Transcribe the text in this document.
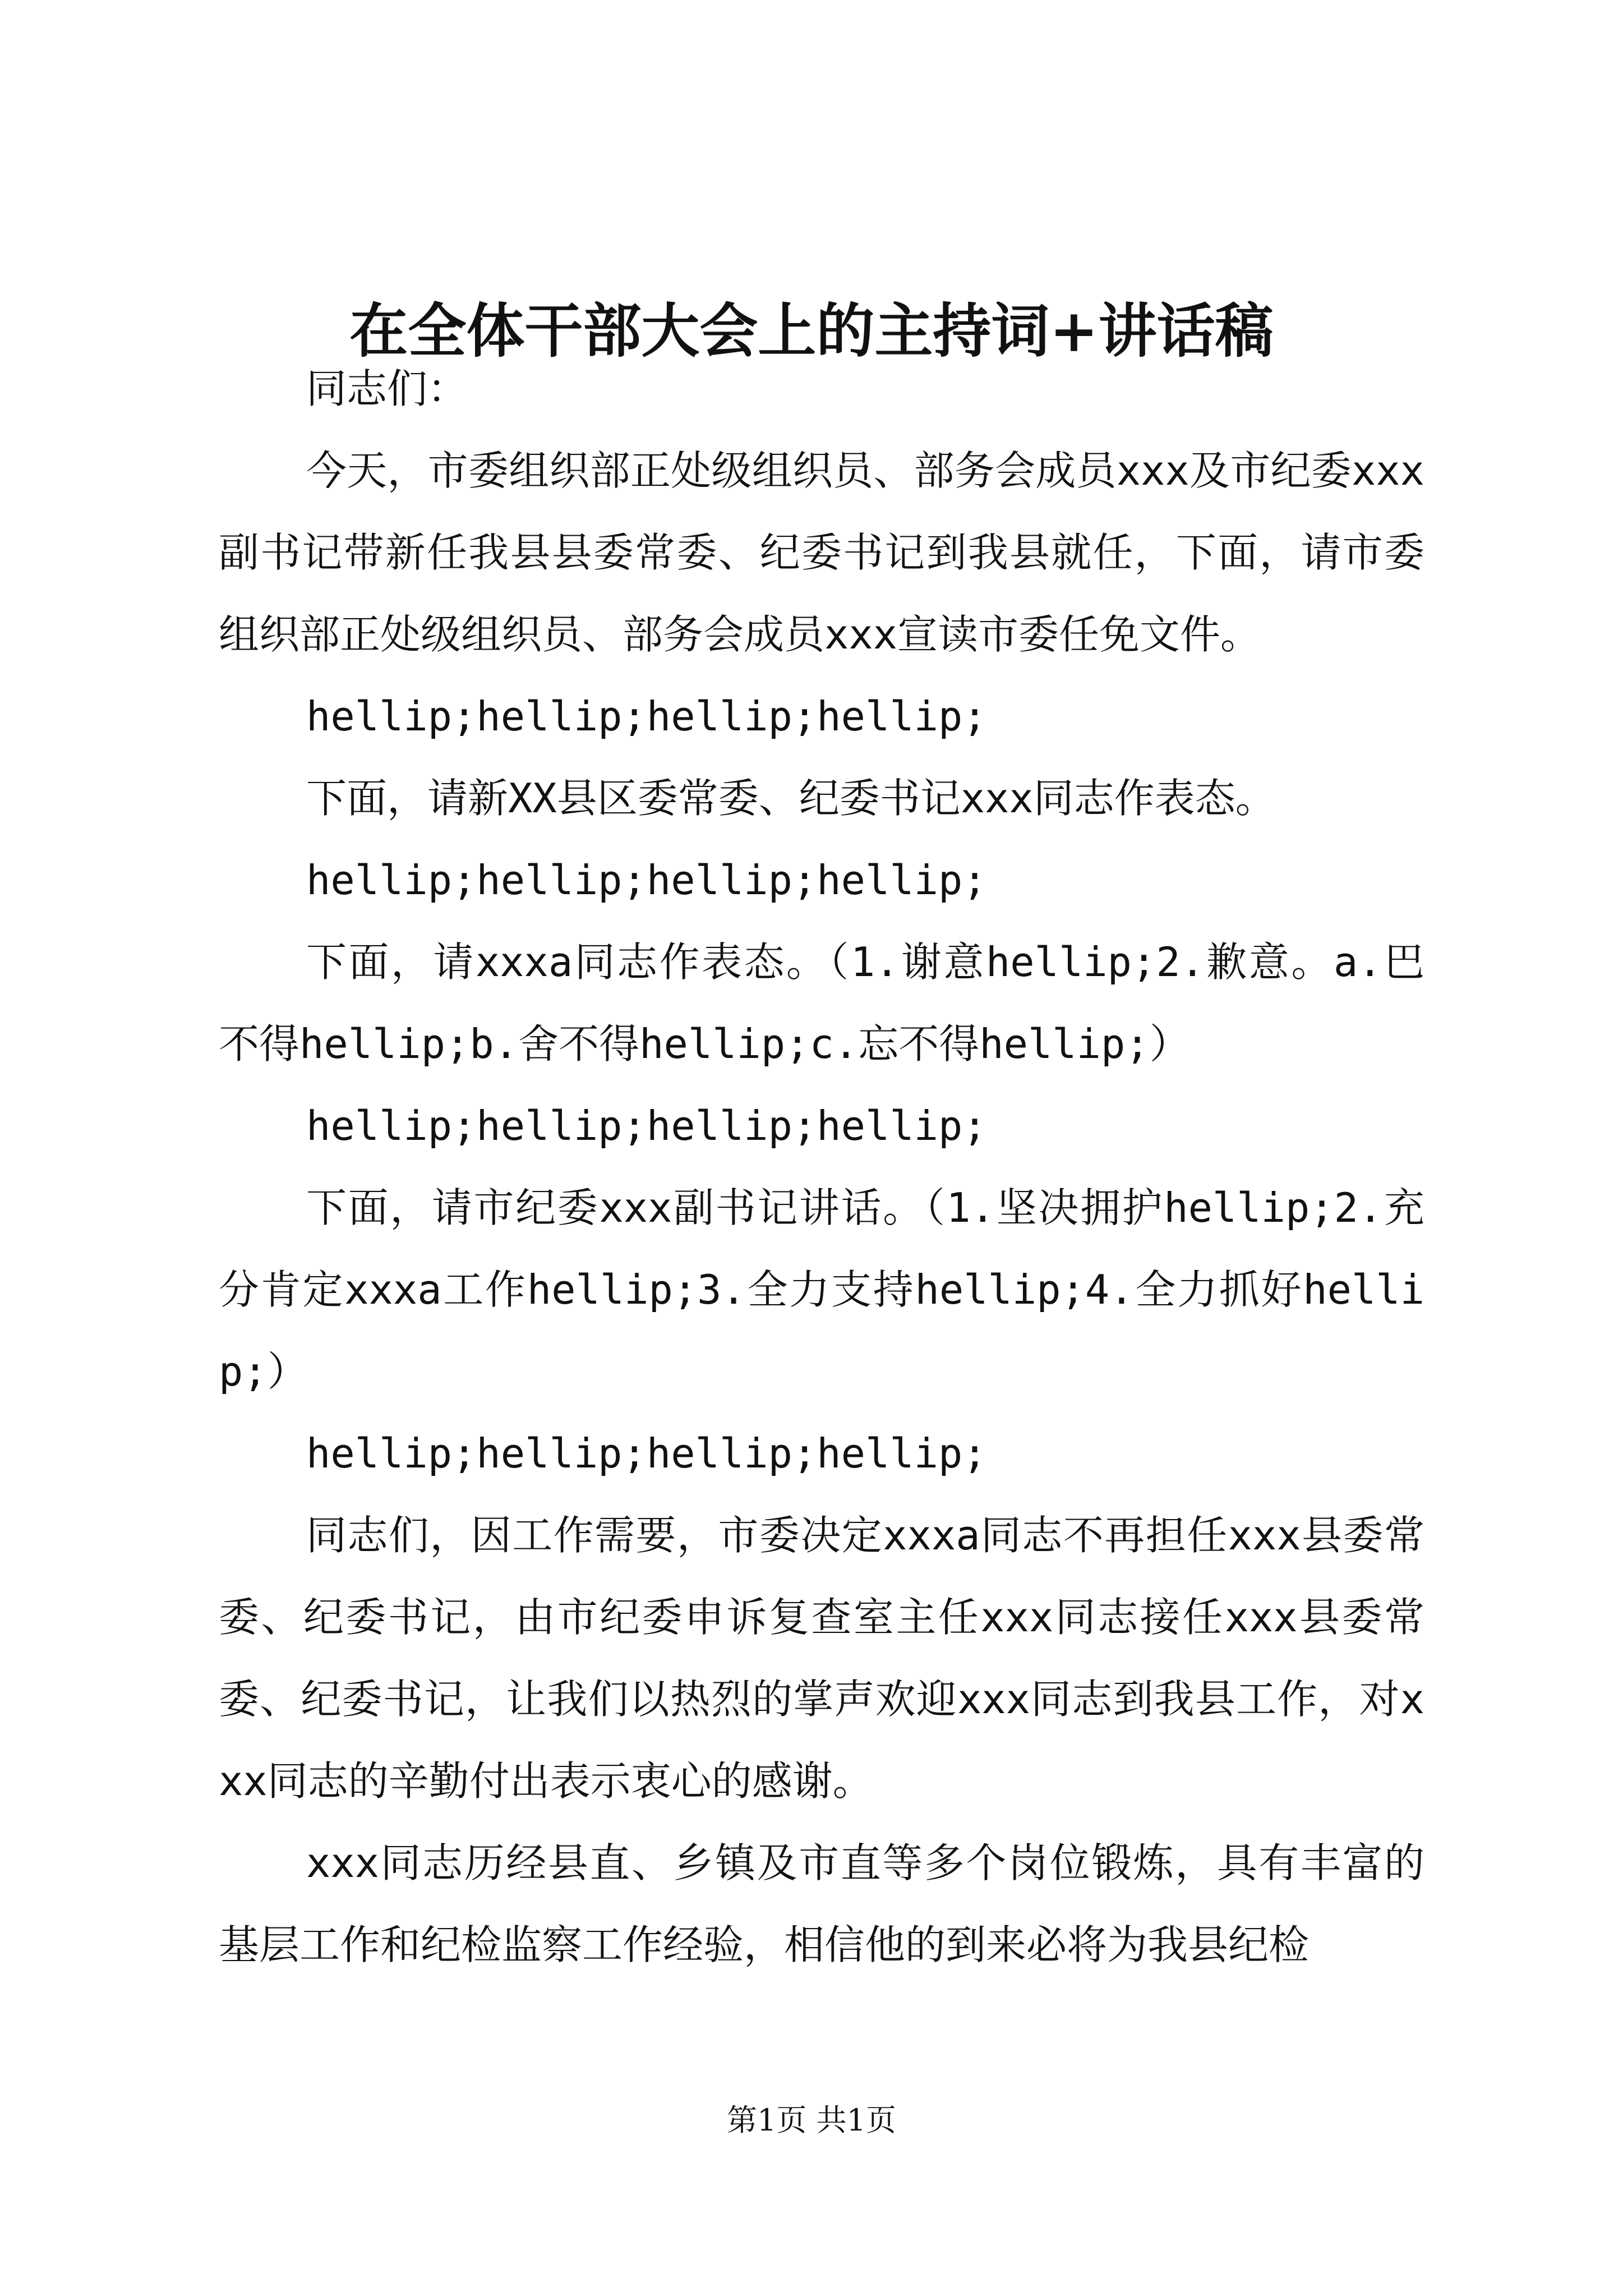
在全体干部大会上的主持词+讲话稿

同志们：

今天，市委组织部正处级组织员、部务会成员xxx及市纪委xxx副书记带新任我县县委常委、纪委书记到我县就任，下面，请市委组织部正处级组织员、部务会成员xxx宣读市委任免文件。

hellip;hellip;hellip;hellip;

下面，请新XX县区委常委、纪委书记xxx同志作表态。

hellip;hellip;hellip;hellip;

下面，请xxxa同志作表态。（1.谢意hellip;2.歉意。a.巴不得hellip;b.舍不得hellip;c.忘不得hellip;）

hellip;hellip;hellip;hellip;

下面，请市纪委xxx副书记讲话。（1.坚决拥护hellip;2.充分肯定xxxa工作hellip;3.全力支持hellip;4.全力抓好hellip;）

hellip;hellip;hellip;hellip;

同志们，因工作需要，市委决定xxxa同志不再担任xxx县委常委、纪委书记，由市纪委申诉复查室主任xxx同志接任xxx县委常委、纪委书记，让我们以热烈的掌声欢迎xxx同志到我县工作，对xxx同志的辛勤付出表示衷心的感谢。

xxx同志历经县直、乡镇及市直等多个岗位锻炼，具有丰富的基层工作和纪检监察工作经验，相信他的到来必将为我县纪检

第1页 共1页
